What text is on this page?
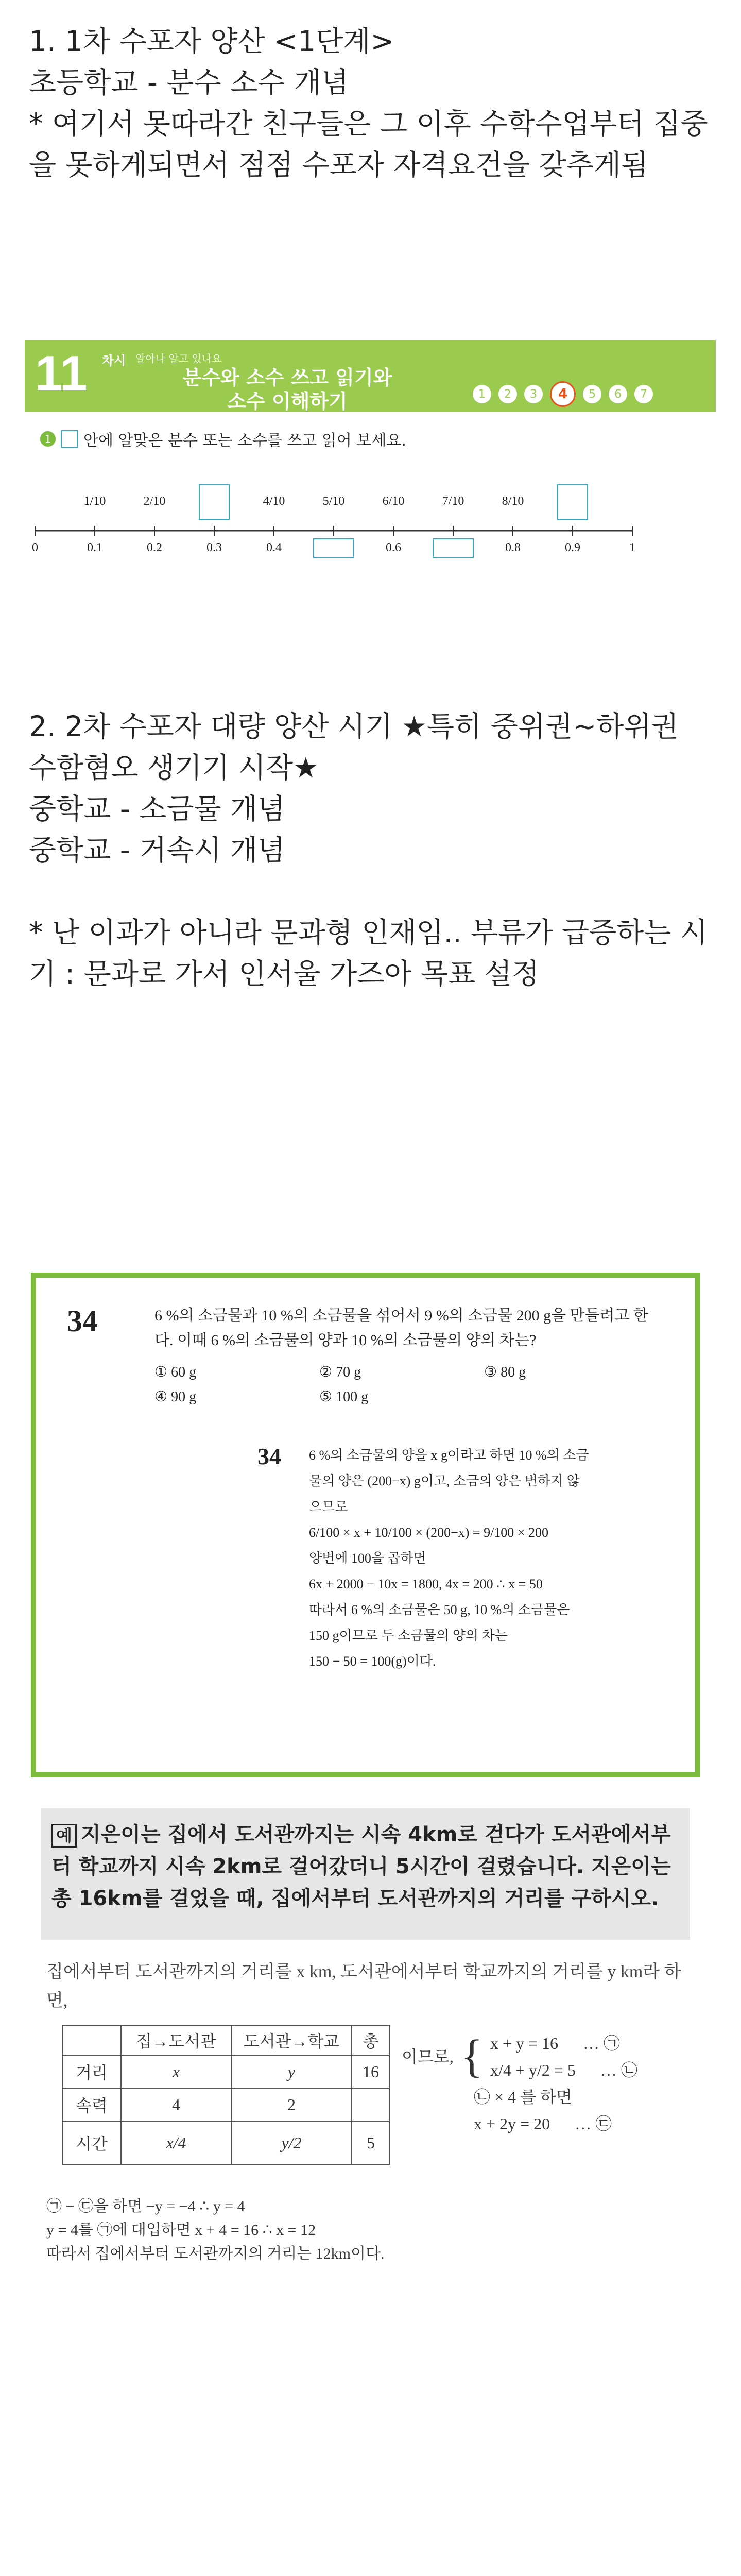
1. 1차 수포자 양산 <1단계>

초등학교 - 분수 소수 개념

* 여기서 못따라간 친구들은 그 이후 수학수업부터 집중을 못하게되면서 점점 수포자 자격요건을 갖추게됨

11 차시 알아나 알고 있나요
분수와 소수 쓰고 읽기와
소수 이해하기	1	2	3	4	5	6	7
1 안에 알맞은 분수 또는 소수를 쓰고 읽어 보세요.
0	0.1
1/10
0.2
2/10
0.3	0.4
4/10	5/10
0.6
6/10	7/10
0.8
8/10
0.9	1

2. 2차 수포자 대량 양산 시기 ★특히 중위권~하위권 수함혐오 생기기 시작★

중학교 - 소금물 개념

중학교 - 거속시 개념

* 난 이과가 아니라 문과형 인재임.. 부류가 급증하는 시기 : 문과로 가서 인서울 가즈아 목표 설정

34	6 %의 소금물과 10 %의 소금물을 섞어서 9 %의 소금물 200 g을 만들려고 한다. 이때 6 %의 소금물의 양과 10 %의 소금물의 양의 차는?
① 60 g	② 70 g	③ 80 g
④ 90 g	⑤ 100 g
34 6 %의 소금물의 양을 x g이라고 하면 10 %의 소금
물의 양은 (200−x) g이고, 소금의 양은 변하지 않
으므로
6/100 × x + 10/100 × (200−x) = 9/100 × 200
양변에 100을 곱하면
6x + 2000 − 10x = 1800, 4x = 200 ∴ x = 50
따라서 6 %의 소금물은 50 g, 10 %의 소금물은
150 g이므로 두 소금물의 양의 차는
150 − 50 = 100(g)이다.
예 지은이는 집에서 도서관까지는 시속 4km로 걷다가 도서관에서부터 학교까지 시속 2km로 걸어갔더니 5시간이 걸렸습니다. 지은이는 총 16km를 걸었을 때, 집에서부터 도서관까지의 거리를 구하시오.
집에서부터 도서관까지의 거리를 x km, 도서관에서부터 학교까지의 거리를 y km라 하면,
	집→도서관	도서관→학교	총
거리	x	y	16
속력	4	2	
시간	x/4	y/2	5
이므로, { x + y = 16 … ㉠
x/4 + y/2 = 5 … ㉡
㉡ × 4 를 하면
x + 2y = 20 … ㉢
㉠ − ㉢을 하면 −y = −4 ∴ y = 4
y = 4를 ㉠에 대입하면 x + 4 = 16 ∴ x = 12
따라서 집에서부터 도서관까지의 거리는 12km이다.
